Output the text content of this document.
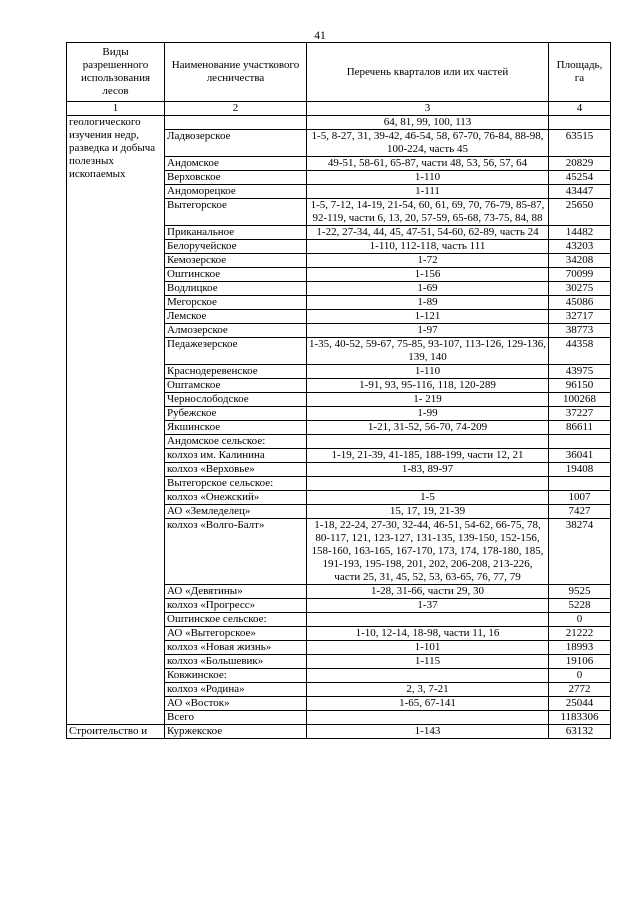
41
Виды разрешенного использования лесов	Наименование участкового лесничества	Перечень кварталов или их частей	Площадь, га
1	2	3	4
геологического изучения недр, разведка и добыча полезных ископаемых		64, 81, 99, 100, 113	
	Ладвозерское	1-5, 8-27, 31, 39-42, 46-54, 58, 67-70, 76-84, 88-98, 100-224, часть 45	63515
	Андомское	49-51, 58-61, 65-87, части 48, 53, 56, 57, 64	20829
	Верховское	1-110	45254
	Андоморецкое	1-111	43447
	Вытегорское	1-5, 7-12, 14-19, 21-54, 60, 61, 69, 70, 76-79, 85-87, 92-119, части 6, 13, 20, 57-59, 65-68, 73-75, 84, 88	25650
	Приканальное	1-22, 27-34, 44, 45, 47-51, 54-60, 62-89, часть 24	14482
	Белоручейское	1-110, 112-118, часть 111	43203
	Кемозерское	1-72	34208
	Оштинское	1-156	70099
	Водлицкое	1-69	30275
	Мегорское	1-89	45086
	Лемское	1-121	32717
	Алмозерское	1-97	38773
	Педажезерское	1-35, 40-52, 59-67, 75-85, 93-107, 113-126, 129-136, 139, 140	44358
	Краснодеревенское	1-110	43975
	Оштамское	1-91, 93, 95-116, 118, 120-289	96150
	Чернослободское	1- 219	100268
	Рубежское	1-99	37227
	Якшинское	1-21, 31-52, 56-70, 74-209	86611
	Андомское сельское:		
	колхоз им. Калинина	1-19, 21-39, 41-185, 188-199, части 12, 21	36041
	колхоз «Верховье»	1-83, 89-97	19408
	Вытегорское сельское:		
	колхоз «Онежский»	1-5	1007
	АО «Земледелец»	15, 17, 19, 21-39	7427
	колхоз «Волго-Балт»	1-18, 22-24, 27-30, 32-44, 46-51, 54-62, 66-75, 78, 80-117, 121, 123-127, 131-135, 139-150, 152-156, 158-160, 163-165, 167-170, 173, 174, 178-180, 185, 191-193, 195-198, 201, 202, 206-208, 213-226, части 25, 31, 45, 52, 53, 63-65, 76, 77, 79	38274
	АО «Девятины»	1-28, 31-66, части 29, 30	9525
	колхоз «Прогресс»	1-37	5228
	Оштинское сельское:		0
	АО «Вытегорское»	1-10, 12-14, 18-98, части 11, 16	21222
	колхоз «Новая жизнь»	1-101	18993
	колхоз «Большевик»	1-115	19106
	Ковжинское:		0
	колхоз «Родина»	2, 3, 7-21	2772
	АО «Восток»	1-65, 67-141	25044
	Всего		1183306
Строительство и	Куржекское	1-143	63132
